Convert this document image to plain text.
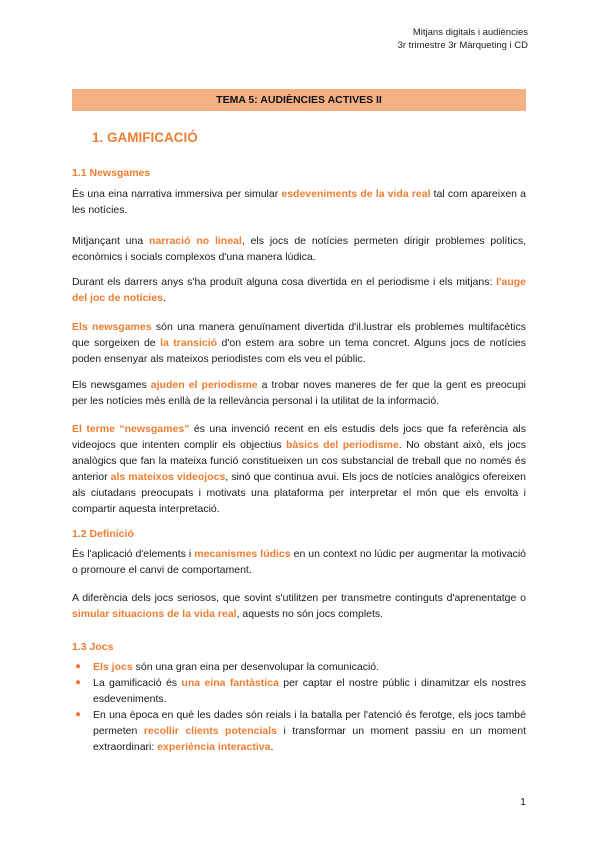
Mitjans digitals i audiències
3r trimestre 3r Màrqueting i CD
TEMA 5: AUDIÈNCIES ACTIVES II
1. GAMIFICACIÓ
1.1 Newsgames

És una eina narrativa immersiva per simular esdeveniments de la vida real tal com apareixen a les notícies.

Mitjançant una narració no lineal, els jocs de notícies permeten dirigir problemes polítics, econòmics i socials complexos d'una manera lúdica.

Durant els darrers anys s'ha produït alguna cosa divertida en el periodisme i els mitjans: l'auge del joc de notícies.

Els newsgames són una manera genuïnament divertida d'il.lustrar els problemes multifacètics que sorgeixen de la transició d'on estem ara sobre un tema concret. Alguns jocs de notícies poden ensenyar als mateixos periodistes com els veu el públic.

Els newsgames ajuden el periodisme a trobar noves maneres de fer que la gent es preocupi per les notícies més enllà de la rellevància personal i la utilitat de la informació.

El terme “newsgames” és una invenció recent en els estudis dels jocs que fa referència als videojocs que intenten complir els objectius bàsics del periodisme. No obstant això, els jocs analògics que fan la mateixa funció constitueixen un cos substancial de treball que no només és anterior als mateixos videojocs, sinó que continua avui. Els jocs de notícies analògics ofereixen als ciutadans preocupats i motivats una plataforma per interpretar el món que els envolta i compartir aquesta interpretació.

1.2 Definició

És l'aplicació d'elements i mecanismes lúdics en un context no lúdic per augmentar la motivació o promoure el canvi de comportament.

A diferència dels jocs seriosos, que sovint s'utilitzen per transmetre continguts d'aprenentatge o simular situacions de la vida real, aquests no són jocs complets.

1.3 Jocs
● Els jocs són una gran eina per desenvolupar la comunicació.
● La gamificació és una eina fantàstica per captar el nostre públic i dinamitzar els nostres esdeveniments.
● En una època en què les dades són reials i la batalla per l'atenció és ferotge, els jocs també permeten recollir clients potencials i transformar un moment passiu en un moment extraordinari: experiència interactiva.
1
